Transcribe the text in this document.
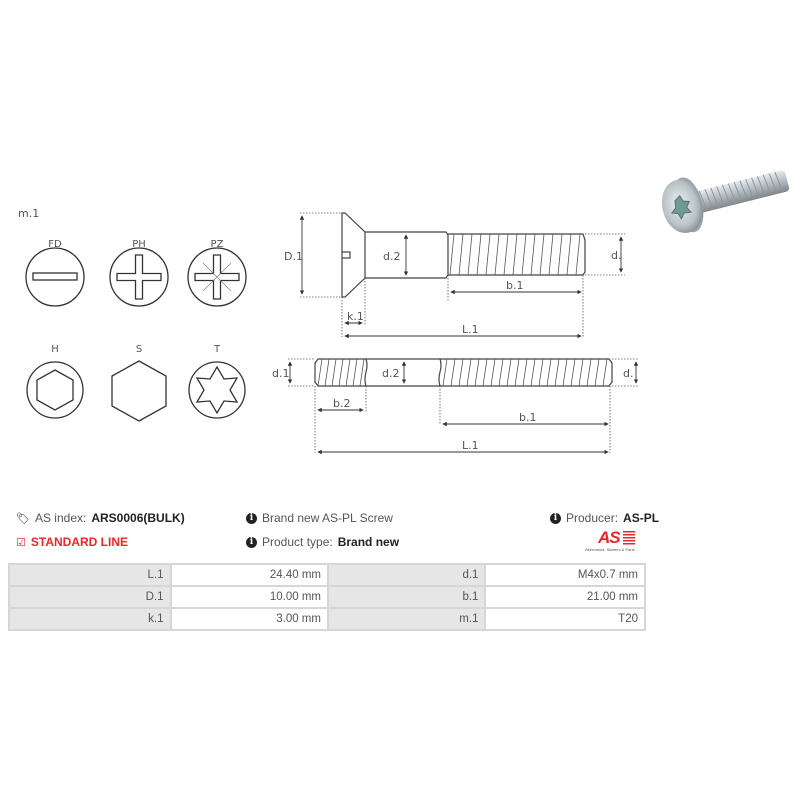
m.1
FD	PH	PZ
H	S	T
D.1	d.2	d.
b.1
k.1
L.1
d.1	d.2	d.
b.2
b.1
L.1
🏷 AS index: ARS0006(BULK)
☑ STANDARD LINE
i Brand new AS-PL Screw
i Product type: Brand new
i Producer: AS-PL
AS
Alternators, Starters & Parts
L.1	24.40 mm	d.1	M4x0.7 mm
D.1	10.00 mm	b.1	21.00 mm
k.1	3.00 mm	m.1	T20
